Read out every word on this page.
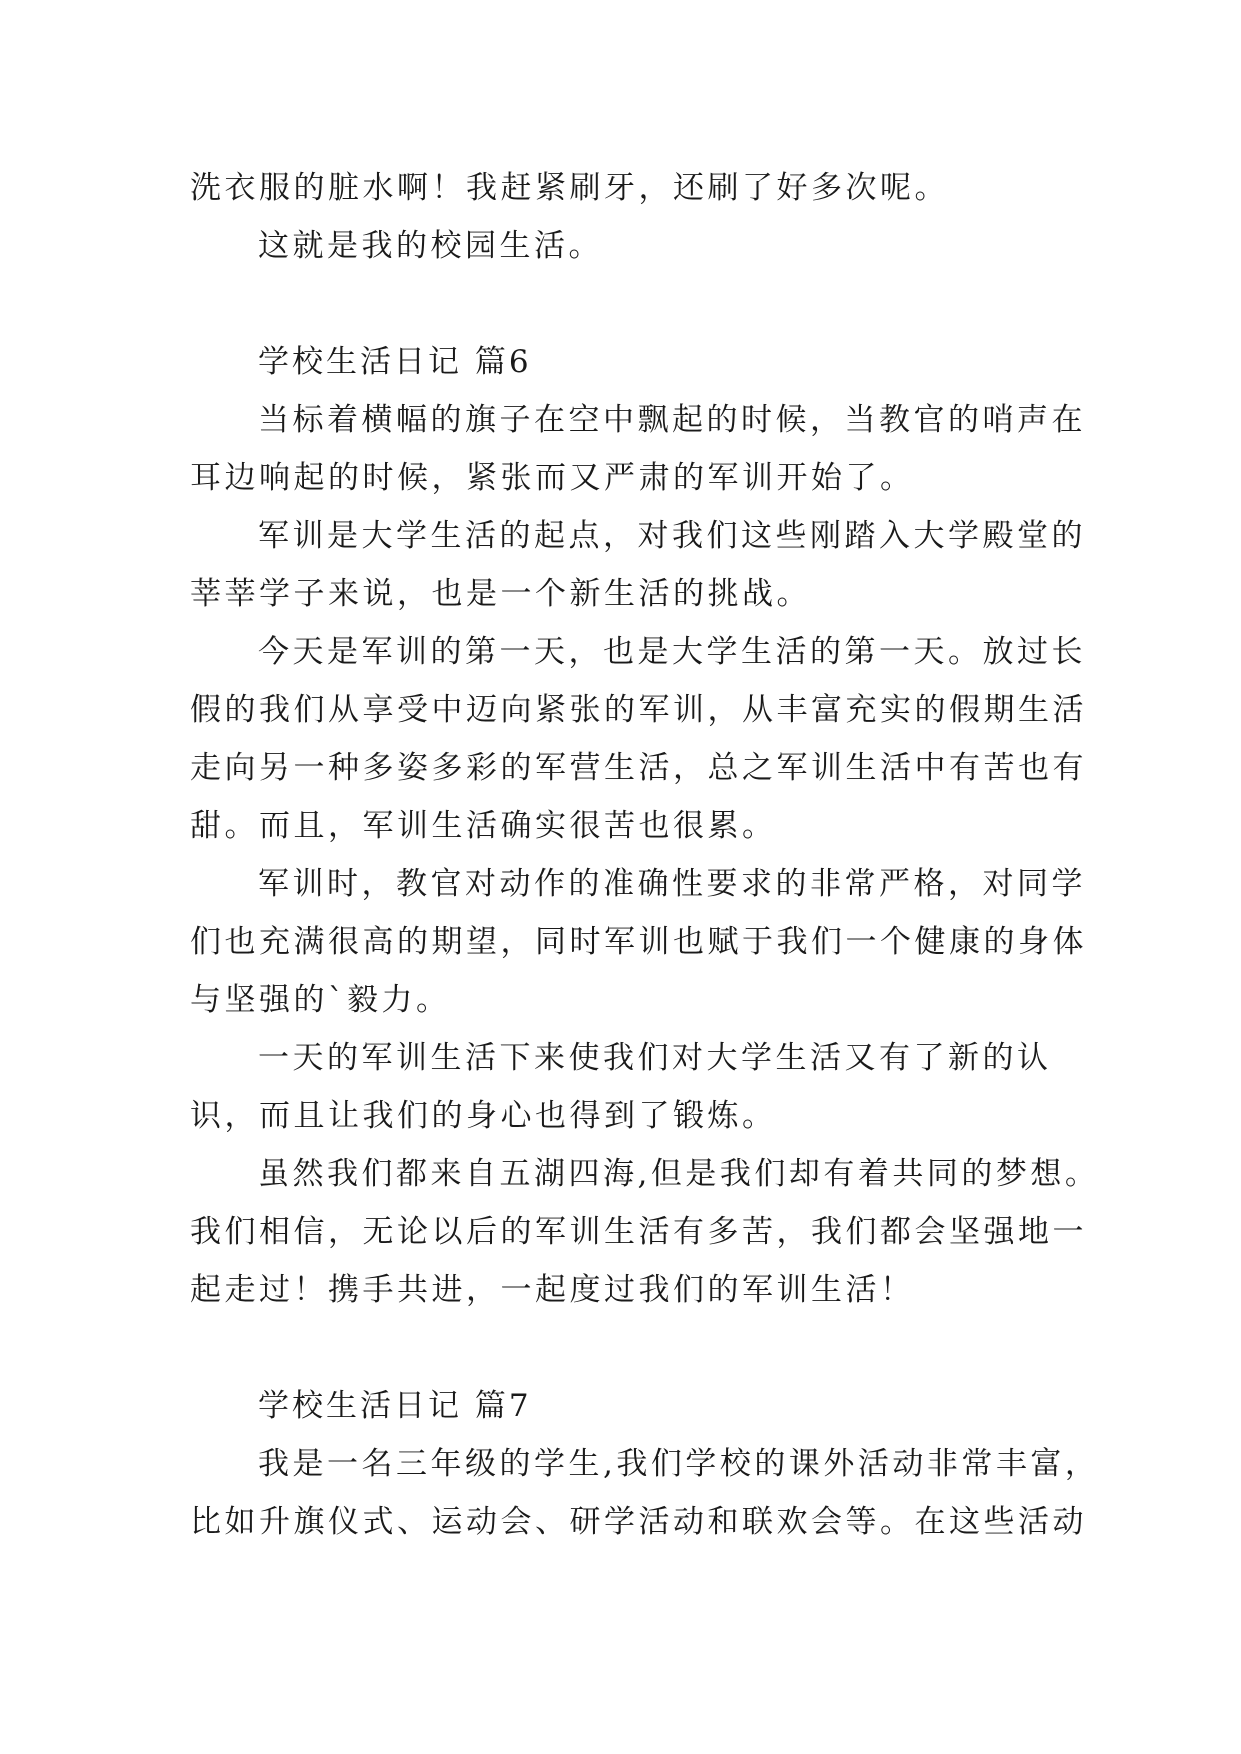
洗衣服的脏水啊！我赶紧刷牙，还刷了好多次呢。
这就是我的校园生活。
学校生活日记 篇6
当标着横幅的旗子在空中飘起的时候，当教官的哨声在
耳边响起的时候，紧张而又严肃的军训开始了。
军训是大学生活的起点，对我们这些刚踏入大学殿堂的
莘莘学子来说，也是一个新生活的挑战。
今天是军训的第一天，也是大学生活的第一天。放过长
假的我们从享受中迈向紧张的军训，从丰富充实的假期生活
走向另一种多姿多彩的军营生活，总之军训生活中有苦也有
甜。而且，军训生活确实很苦也很累。
军训时，教官对动作的准确性要求的非常严格，对同学
们也充满很高的期望，同时军训也赋于我们一个健康的身体
与坚强的`毅力。
一天的军训生活下来使我们对大学生活又有了新的认
识，而且让我们的身心也得到了锻炼。
虽然我们都来自五湖四海,但是我们却有着共同的梦想。
我们相信，无论以后的军训生活有多苦，我们都会坚强地一
起走过！携手共进，一起度过我们的军训生活！
学校生活日记 篇7
我是一名三年级的学生,我们学校的课外活动非常丰富，
比如升旗仪式、运动会、研学活动和联欢会等。在这些活动
